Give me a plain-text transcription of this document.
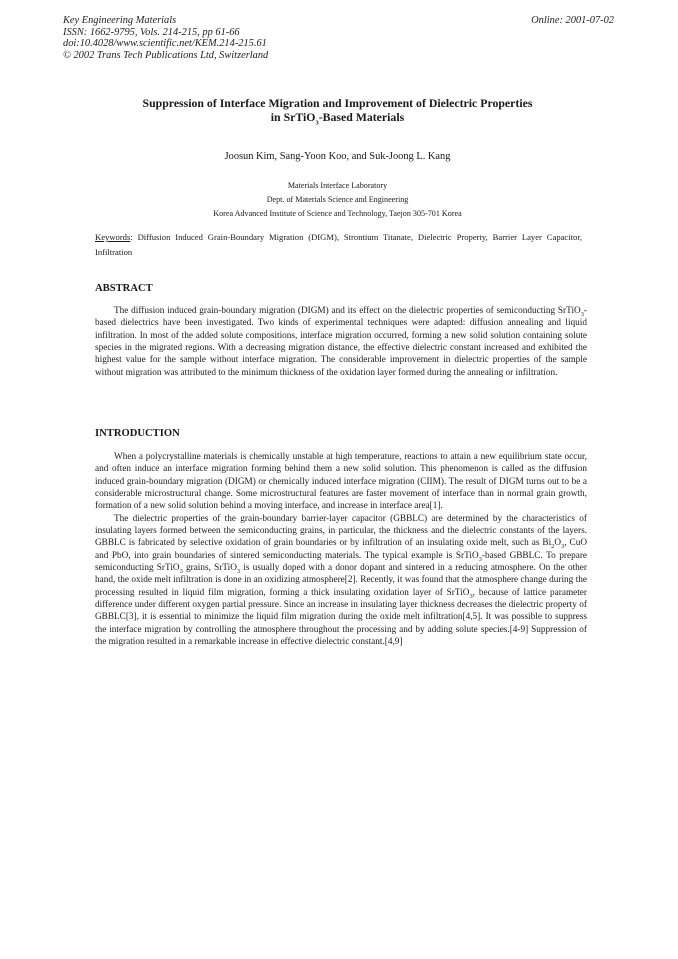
Key Engineering Materials
ISSN: 1662-9795, Vols. 214-215, pp 61-66
doi:10.4028/www.scientific.net/KEM.214-215.61
© 2002 Trans Tech Publications Ltd, Switzerland
Online: 2001-07-02
Suppression of Interface Migration and Improvement of Dielectric Properties
in SrTiO$_3$-Based Materials
Joosun Kim, Sang-Yoon Koo, and Suk-Joong L. Kang
Materials Interface Laboratory
Dept. of Materials Science and Engineering
Korea Advanced Institute of Science and Technology, Taejon 305-701 Korea
Keywords: Diffusion Induced Grain-Boundary Migration (DIGM), Strontium Titanate, Dielectric Property, Barrier Layer Capacitor, Infiltration
ABSTRACT

The diffusion induced grain-boundary migration (DIGM) and its effect on the dielectric properties of semiconducting SrTiO$_3$-based dielectrics have been investigated. Two kinds of experimental techniques were adapted: diffusion annealing and liquid infiltration. In most of the added solute compositions, interface migration occurred, forming a new solid solution containing solute species in the migrated regions. With a decreasing migration distance, the effective dielectric constant increased and exhibited the highest value for the sample without interface migration. The considerable improvement in dielectric properties of the sample without migration was attributed to the minimum thickness of the oxidation layer formed during the annealing or infiltration.

INTRODUCTION

When a polycrystalline materials is chemically unstable at high temperature, reactions to attain a new equilibrium state occur, and often induce an interface migration forming behind them a new solid solution. This phenomenon is called as the diffusion induced grain-boundary migration (DIGM) or chemically induced interface migration (CIIM). The result of DIGM turns out to be a considerable microstructural change. Some microstructural features are faster movement of interface than in normal grain growth, formation of a new solid solution behind a moving interface, and increase in interface area[1].

The dielectric properties of the grain-boundary barrier-layer capacitor (GBBLC) are determined by the characteristics of insulating layers formed between the semiconducting grains, in particular, the thickness and the dielectric constants of the layers. GBBLC is fabricated by selective oxidation of grain boundaries or by infiltration of an insulating oxide melt, such as $Bi_2O_3$, CuO and PbO, into grain boundaries of sintered semiconducting materials. The typical example is SrTiO$_3$-based GBBLC. To prepare semiconducting SrTiO$_3$ grains, SrTiO$_3$ is usually doped with a donor dopant and sintered in a reducing atmosphere. On the other hand, the oxide melt infiltration is done in an oxidizing atmosphere[2]. Recently, it was found that the atmosphere change during the processing resulted in liquid film migration, forming a thick insulating oxidation layer of SrTiO$_3$, because of lattice parameter difference under different oxygen partial pressure. Since an increase in insulating layer thickness decreases the dielectric property of GBBLC[3], it is essential to minimize the liquid film migration during the oxide melt infiltration[4,5]. It was possible to suppress the interface migration by controlling the atmosphere throughout the processing and by adding solute species.[4-9] Suppression of the migration resulted in a remarkable increase in effective dielectric constant.[4,9]
